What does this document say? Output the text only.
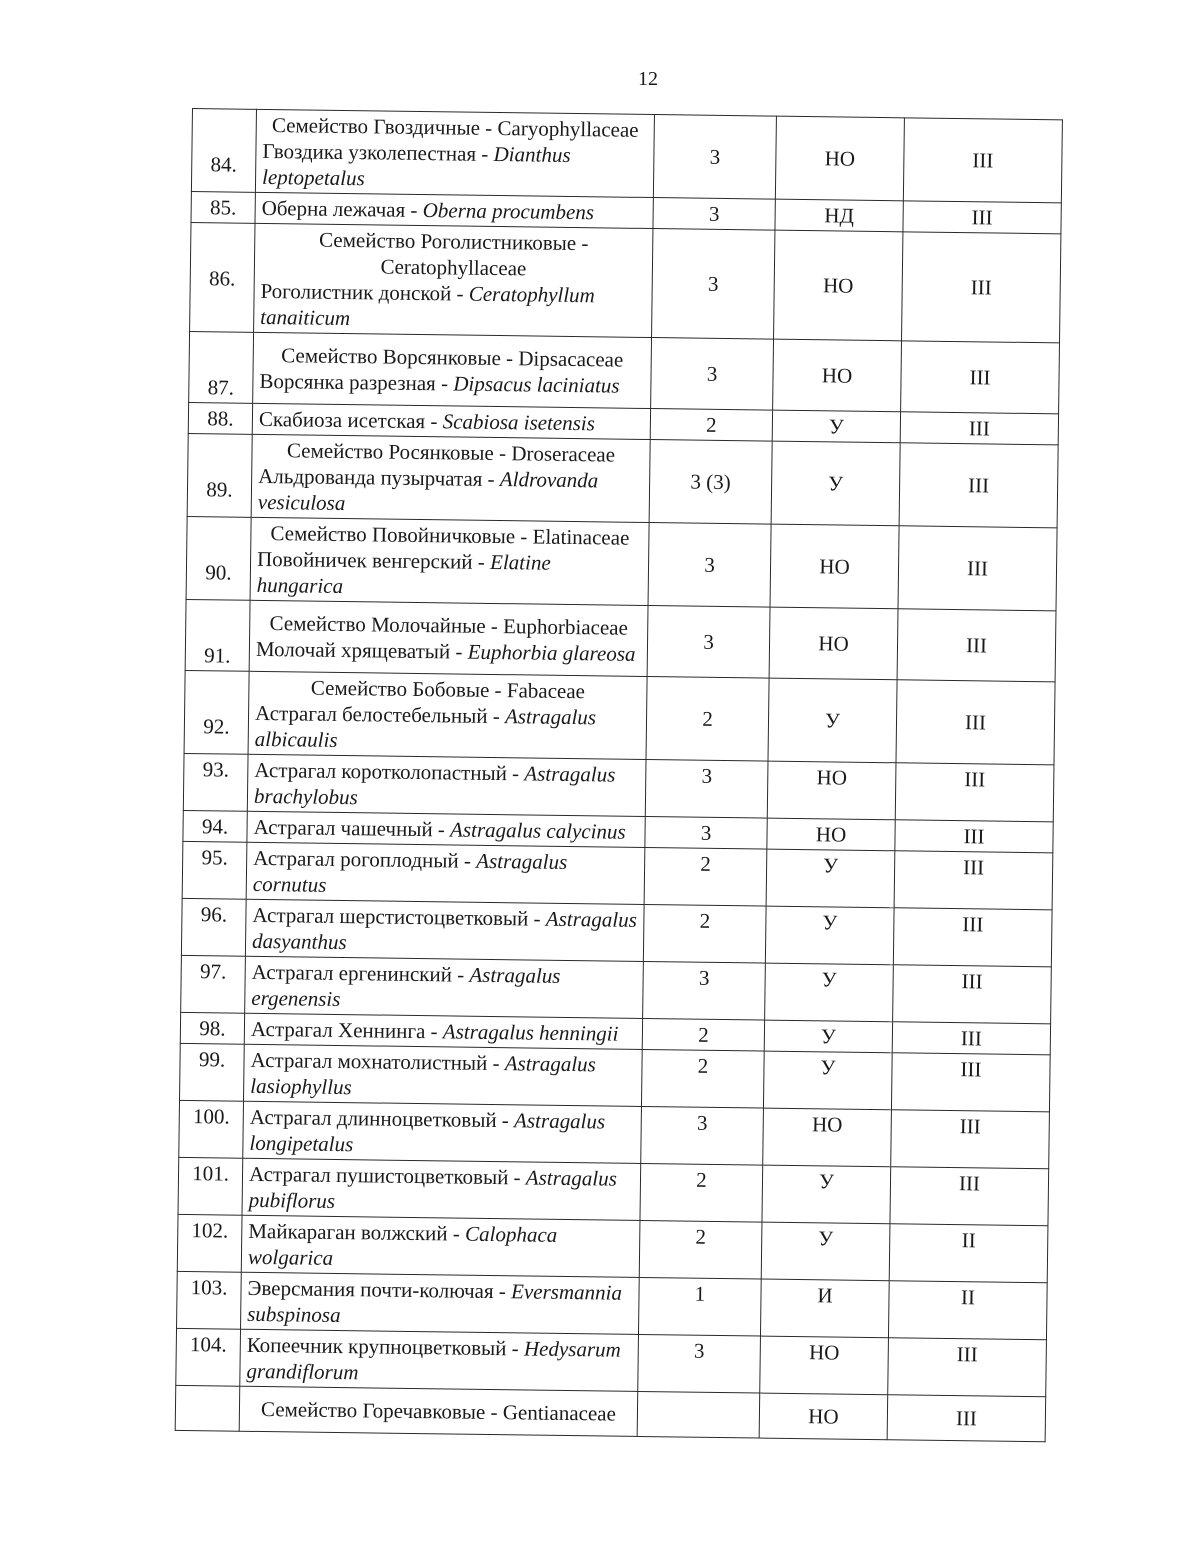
12
84.	Семейство Гвоздичные - Caryophyllaceae
Гвоздика узколепестная - Dianthus leptopetalus	3	НО	III
85.	Оберна лежачая - Oberna procumbens	3	НД	III
86.	Семейство Роголистниковые - Ceratophyllaceae
Роголистник донской - Ceratophyllum tanaiticum	3	НО	III
87.	Семейство Ворсянковые - Dipsacaceae
Ворсянка разрезная - Dipsacus laciniatus	3	НО	III
88.	Скабиоза исетская - Scabiosa isetensis	2	У	III
89.	Семейство Росянковые - Droseraceae
Альдрованда пузырчатая - Aldrovanda vesiculosa	3 (3)	У	III
90.	Семейство Повойничковые - Elatinaceae
Повойничек венгерский - Elatine hungarica	3	НО	III
91.	Семейство Молочайные - Euphorbiaceae
Молочай хрящеватый - Euphorbia glareosa	3	НО	III
92.	Семейство Бобовые - Fabaceae
Астрагал белостебельный - Astragalus albicaulis	2	У	III
93.	Астрагал коротколопастный - Astragalus brachylobus	3	НО	III
94.	Астрагал чашечный - Astragalus calycinus	3	НО	III
95.	Астрагал рогоплодный - Astragalus cornutus	2	У	III
96.	Астрагал шерстистоцветковый - Astragalus dasyanthus	2	У	III
97.	Астрагал ергенинский - Astragalus ergenensis	3	У	III
98.	Астрагал Хеннинга - Astragalus henningii	2	У	III
99.	Астрагал мохнатолистный - Astragalus lasiophyllus	2	У	III
100.	Астрагал длинноцветковый - Astragalus longipetalus	3	НО	III
101.	Астрагал пушистоцветковый - Astragalus pubiflorus	2	У	III
102.	Майкараган волжский - Calophaca wolgarica	2	У	II
103.	Эверсмания почти-колючая - Eversmannia subspinosa	1	И	II
104.	Копеечник крупноцветковый - Hedysarum grandiflorum	3	НО	III

	Семейство Горечавковые - Gentianaceae		НО	III
